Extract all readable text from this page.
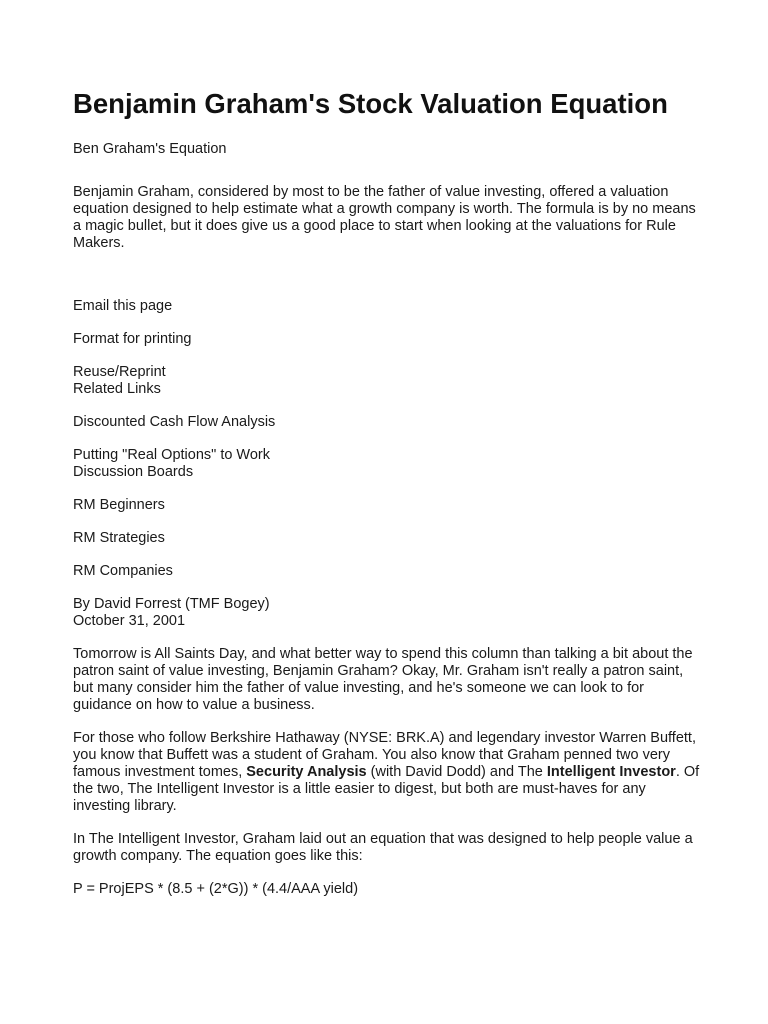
Benjamin Graham's Stock Valuation Equation
Ben Graham's Equation
Benjamin Graham, considered by most to be the father of value investing, offered a valuation equation designed to help estimate what a growth company is worth. The formula is by no means a magic bullet, but it does give us a good place to start when looking at the valuations for Rule Makers.
Email this page
Format for printing
Reuse/Reprint
Related Links
Discounted Cash Flow Analysis
Putting "Real Options" to Work
Discussion Boards
RM Beginners
RM Strategies
RM Companies
By David Forrest (TMF Bogey)
October 31, 2001
Tomorrow is All Saints Day, and what better way to spend this column than talking a bit about the patron saint of value investing, Benjamin Graham? Okay, Mr. Graham isn't really a patron saint, but many consider him the father of value investing, and he's someone we can look to for guidance on how to value a business.
For those who follow Berkshire Hathaway (NYSE: BRK.A) and legendary investor Warren Buffett, you know that Buffett was a student of Graham. You also know that Graham penned two very famous investment tomes, Security Analysis (with David Dodd) and The Intelligent Investor. Of the two, The Intelligent Investor is a little easier to digest, but both are must-haves for any investing library.
In The Intelligent Investor, Graham laid out an equation that was designed to help people value a growth company. The equation goes like this:
P = ProjEPS * (8.5 + (2*G)) * (4.4/AAA yield)
